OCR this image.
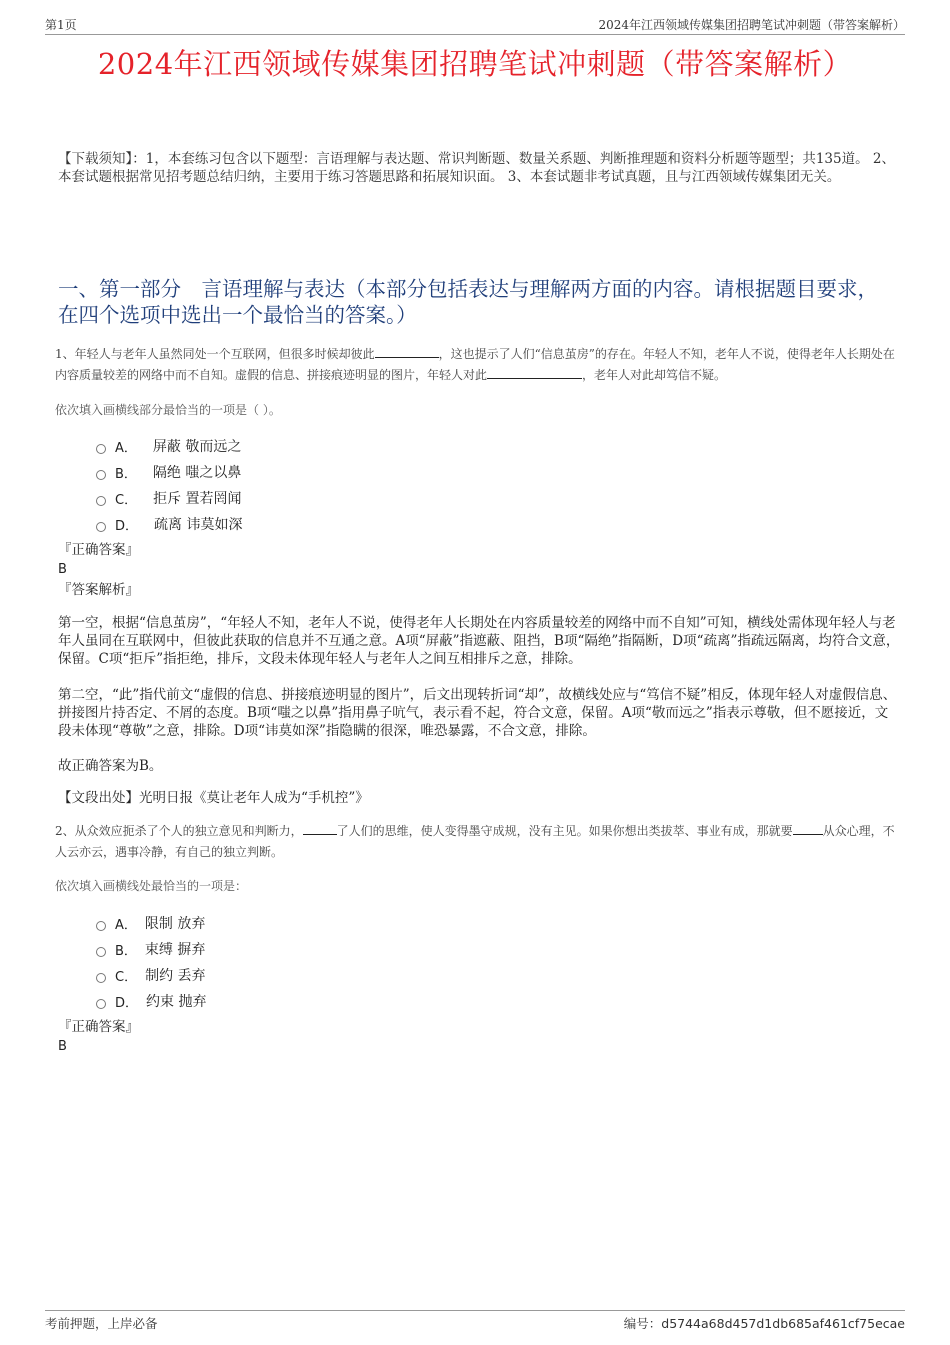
第1页	2024年江西领域传媒集团招聘笔试冲刺题（带答案解析）
2024年江西领域传媒集团招聘笔试冲刺题（带答案解析）
【下载须知】：1，本套练习包含以下题型：言语理解与表达题、常识判断题、数量关系题、判断推理题和资料分析题等题型；共135道。 2、本套试题根据常见招考题总结归纳，主要用于练习答题思路和拓展知识面。 3、本套试题非考试真题，且与江西领域传媒集团无关。
一、第一部分　言语理解与表达（本部分包括表达与理解两方面的内容。请根据题目要求，在四个选项中选出一个最恰当的答案。）
1、年轻人与老年人虽然同处一个互联网，但很多时候却彼此	，这也提示了人们“信息茧房”的存在。年轻人不知，老年人不说，使得老年人长期处在内容质量较差的网络中而不自知。虚假的信息、拼接痕迹明显的图片，年轻人对此	，老年人对此却笃信不疑。
依次填入画横线部分最恰当的一项是（ ）。
A． 屏蔽 敬而远之
B． 隔绝 嗤之以鼻
C． 拒斥 置若罔闻
D． 疏离 讳莫如深
『正确答案』
B
『答案解析』
第一空，根据“信息茧房”，“年轻人不知，老年人不说，使得老年人长期处在内容质量较差的网络中而不自知”可知，横线处需体现年轻人与老年人虽同在互联网中，但彼此获取的信息并不互通之意。A项“屏蔽”指遮蔽、阻挡，B项“隔绝”指隔断，D项“疏离”指疏远隔离，均符合文意，保留。C项“拒斥”指拒绝，排斥，文段未体现年轻人与老年人之间互相排斥之意，排除。
第二空，“此”指代前文“虚假的信息、拼接痕迹明显的图片”，后文出现转折词“却”，故横线处应与“笃信不疑”相反，体现年轻人对虚假信息、拼接图片持否定、不屑的态度。B项“嗤之以鼻”指用鼻子吭气，表示看不起，符合文意，保留。A项“敬而远之”指表示尊敬，但不愿接近，文段未体现“尊敬”之意，排除。D项“讳莫如深”指隐瞒的很深，唯恐暴露，不合文意，排除。
故正确答案为B。
【文段出处】光明日报《莫让老年人成为“手机控”》
2、从众效应扼杀了个人的独立意见和判断力，	了人们的思维，使人变得墨守成规，没有主见。如果你想出类拔萃、事业有成，那就要	从众心理，不人云亦云，遇事冷静，有自己的独立判断。
依次填入画横线处最恰当的一项是：
A． 限制 放弃
B． 束缚 摒弃
C． 制约 丢弃
D． 约束 抛弃
『正确答案』
B
考前押题，上岸必备	编号：d5744a68d457d1db685af461cf75ecae
